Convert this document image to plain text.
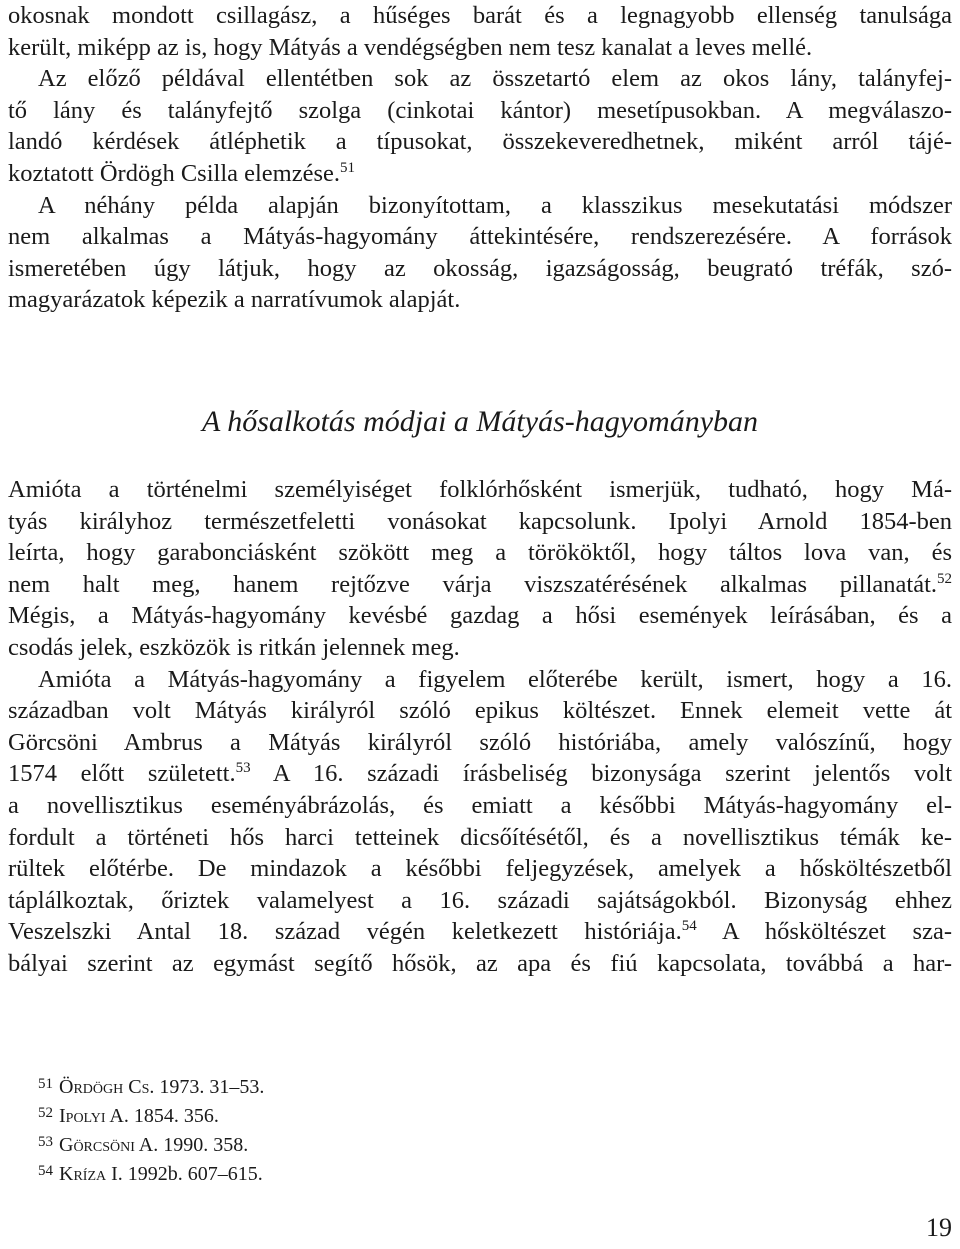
okosnak mondott csillagász, a hűséges barát és a legnagyobb ellenség tanulsága
került, miképp az is, hogy Mátyás a vendégségben nem tesz kanalat a leves mellé.
Az előző példával ellentétben sok az összetartó elem az okos lány, talányfej-
tő lány és talányfejtő szolga (cinkotai kántor) mesetípusokban. A megválaszo-
landó kérdések átléphetik a típusokat, összekeveredhetnek, miként arról tájé-
koztatott Ördögh Csilla elemzése.$^{51}$
A néhány példa alapján bizonyítottam, a klasszikus mesekutatási módszer
nem alkalmas a Mátyás-hagyomány áttekintésére, rendszerezésére. A források
ismeretében úgy látjuk, hogy az okosság, igazságosság, beugrató tréfák, szó-
magyarázatok képezik a narratívumok alapját.
A hősalkotás módjai a Mátyás-hagyományban
Amióta a történelmi személyiséget folklórhősként ismerjük, tudható, hogy Má-
tyás királyhoz természetfeletti vonásokat kapcsolunk. Ipolyi Arnold 1854-ben
leírta, hogy garabonciásként szökött meg a törököktől, hogy táltos lova van, és
nem halt meg, hanem rejtőzve várja viszszatérésének alkalmas pillanatát.$^{52}$
Mégis, a Mátyás-hagyomány kevésbé gazdag a hősi események leírásában, és a
csodás jelek, eszközök is ritkán jelennek meg.
Amióta a Mátyás-hagyomány a figyelem előterébe került, ismert, hogy a 16.
században volt Mátyás királyról szóló epikus költészet. Ennek elemeit vette át
Görcsöni Ambrus a Mátyás királyról szóló históriába, amely valószínű, hogy
1574 előtt született.$^{53}$ A 16. századi írásbeliség bizonysága szerint jelentős volt
a novellisztikus eseményábrázolás, és emiatt a későbbi Mátyás-hagyomány el-
fordult a történeti hős harci tetteinek dicsőítésétől, és a novellisztikus témák ke-
rültek előtérbe. De mindazok a későbbi feljegyzések, amelyek a hősköltészetből
táplálkoztak, őriztek valamelyest a 16. századi sajátságokból. Bizonyság ehhez
Veszelszki Antal 18. század végén keletkezett históriája.$^{54}$ A hősköltészet sza-
bályai szerint az egymást segítő hősök, az apa és fiú kapcsolata, továbbá a har-
$^{51}$ Ördögh Cs. 1973. 31–53.
$^{52}$ Ipolyi A. 1854. 356.
$^{53}$ Görcsöni A. 1990. 358.
$^{54}$ Kríza I. 1992b. 607–615.
19
